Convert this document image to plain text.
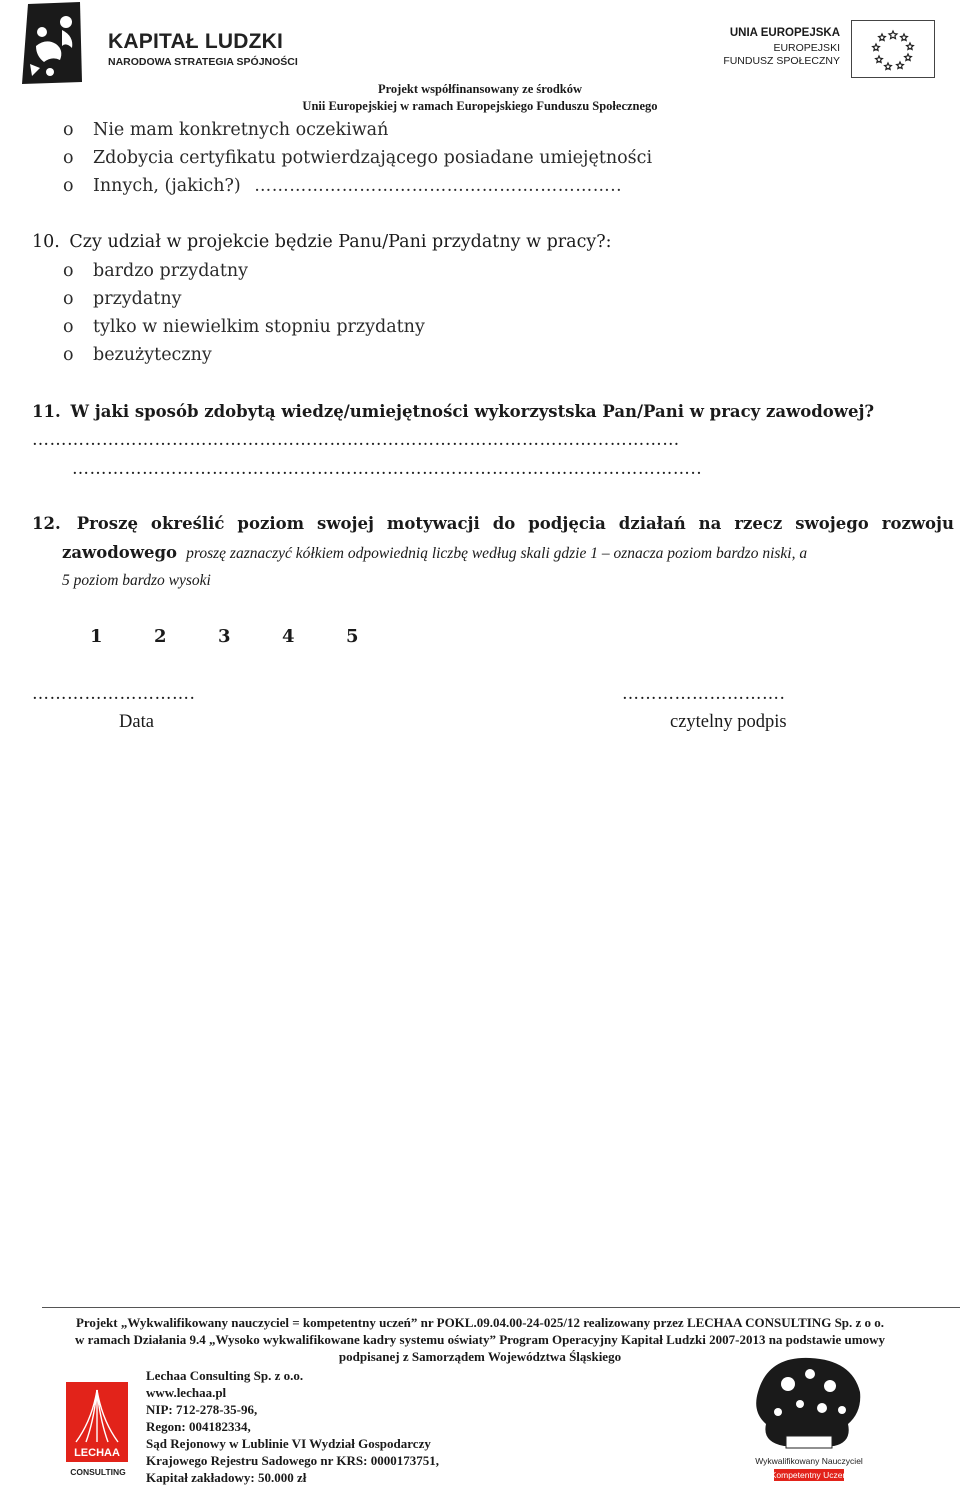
KAPITAŁ LUDZKI
NARODOWA STRATEGIA SPÓJNOŚCI
UNIA EUROPEJSKA
EUROPEJSKI
FUNDUSZ SPOŁECZNY
Projekt współfinansowany ze środków
Unii Europejskiej w ramach Europejskiego Funduszu Społecznego
o Nie mam konkretnych oczekiwań
o Zdobycia certyfikatu potwierdzającego posiadane umiejętności
o Innych, (jakich?) ………………………………………….…………..
10. Czy udział w projekcie będzie Panu/Pani przydatny w pracy?:
o bardzo przydatny
o przydatny
o tylko w niewielkim stopniu przydatny
o bezużyteczny
11. W jaki sposób zdobytą wiedzę/umiejętności wykorzystska Pan/Pani w pracy zawodowej?
……………………………………………………………………………………...…………
……………………………………………………………………….……………………..
12. Proszę określić poziom swojej motywacji do podjęcia działań na rzecz swojego rozwoju
zawodowego proszę zaznaczyć kółkiem odpowiednią liczbę według skali gdzie 1 – oznacza poziom bardzo niski, a
5 poziom bardzo wysoki
1	2	3	4	5
……………………….	……………………….
Data	czytelny podpis
Projekt „Wykwalifikowany nauczyciel = kompetentny uczeń” nr POKL.09.04.00-24-025/12 realizowany przez LECHAA CONSULTING Sp. z o o.
w ramach Działania 9.4 „Wysoko wykwalifikowane kadry systemu oświaty” Program Operacyjny Kapitał Ludzki 2007-2013 na podstawie umowy
podpisanej z Samorządem Województwa Śląskiego
LECHAA
CONSULTING
Lechaa Consulting Sp. z o.o.
www.lechaa.pl
NIP: 712-278-35-96,
Regon: 004182334,
Sąd Rejonowy w Lublinie VI Wydział Gospodarczy
Krajowego Rejestru Sadowego nr KRS: 0000173751,
Kapitał zakładowy: 50.000 zł
Wykwalifikowany Nauczyciel
Kompetentny Uczeń
